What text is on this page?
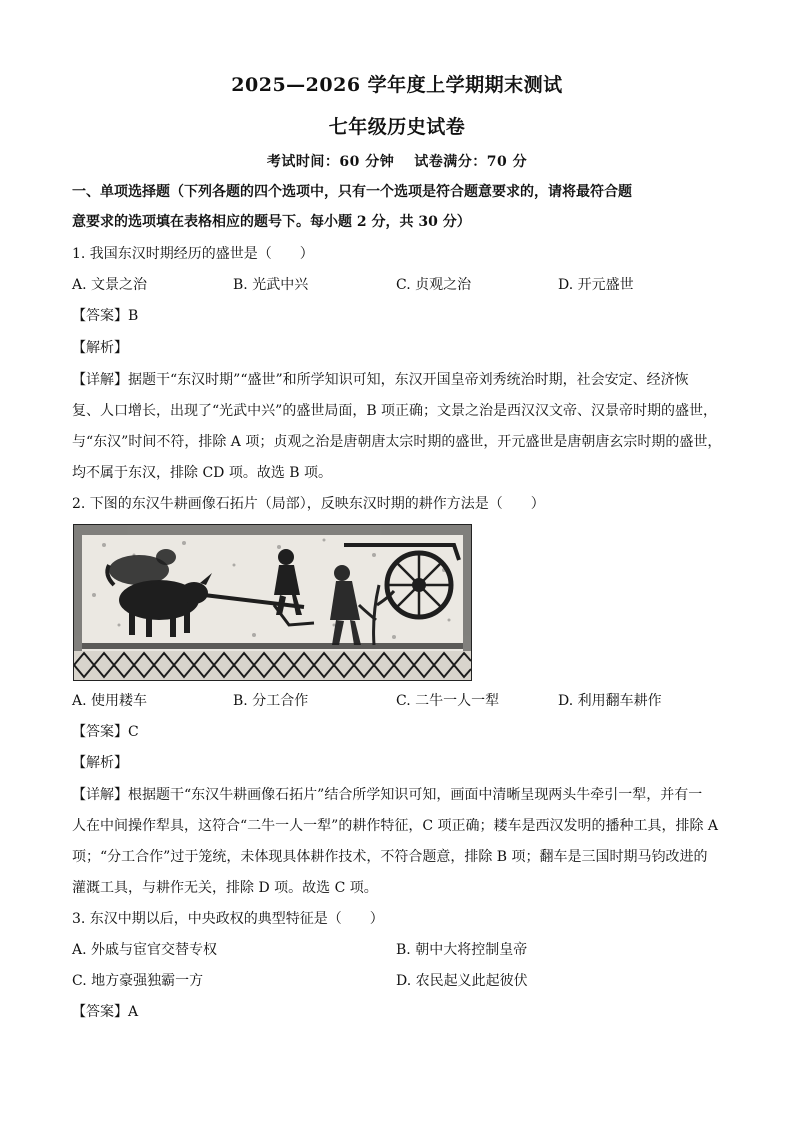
2025—2026 学年度上学期期末测试
七年级历史试卷
考试时间：60 分钟 试卷满分：70 分
一、单项选择题（下列各题的四个选项中，只有一个选项是符合题意要求的，请将最符合题
意要求的选项填在表格相应的题号下。每小题 2 分，共 30 分）
1. 我国东汉时期经历的盛世是（　　）
A. 文景之治	B. 光武中兴	C. 贞观之治	D. 开元盛世
【答案】B
【解析】
【详解】据题干“东汉时期”“盛世”和所学知识可知，东汉开国皇帝刘秀统治时期，社会安定、经济恢
复、人口增长，出现了“光武中兴”的盛世局面，B 项正确；文景之治是西汉汉文帝、汉景帝时期的盛世，
与“东汉”时间不符，排除 A 项；贞观之治是唐朝唐太宗时期的盛世，开元盛世是唐朝唐玄宗时期的盛世，
均不属于东汉，排除 CD 项。故选 B 项。
2. 下图的东汉牛耕画像石拓片（局部），反映东汉时期的耕作方法是（　　）
A. 使用耧车	B. 分工合作	C. 二牛一人一犁	D. 利用翻车耕作
【答案】C
【解析】
【详解】根据题干“东汉牛耕画像石拓片”结合所学知识可知，画面中清晰呈现两头牛牵引一犁，并有一
人在中间操作犁具，这符合“二牛一人一犁”的耕作特征，C 项正确；耧车是西汉发明的播种工具，排除 A
项；“分工合作”过于笼统，未体现具体耕作技术，不符合题意，排除 B 项；翻车是三国时期马钧改进的
灌溉工具，与耕作无关，排除 D 项。故选 C 项。
3. 东汉中期以后，中央政权的典型特征是（　　）
A. 外戚与宦官交替专权	B. 朝中大将控制皇帝
C. 地方豪强独霸一方	D. 农民起义此起彼伏
【答案】A
